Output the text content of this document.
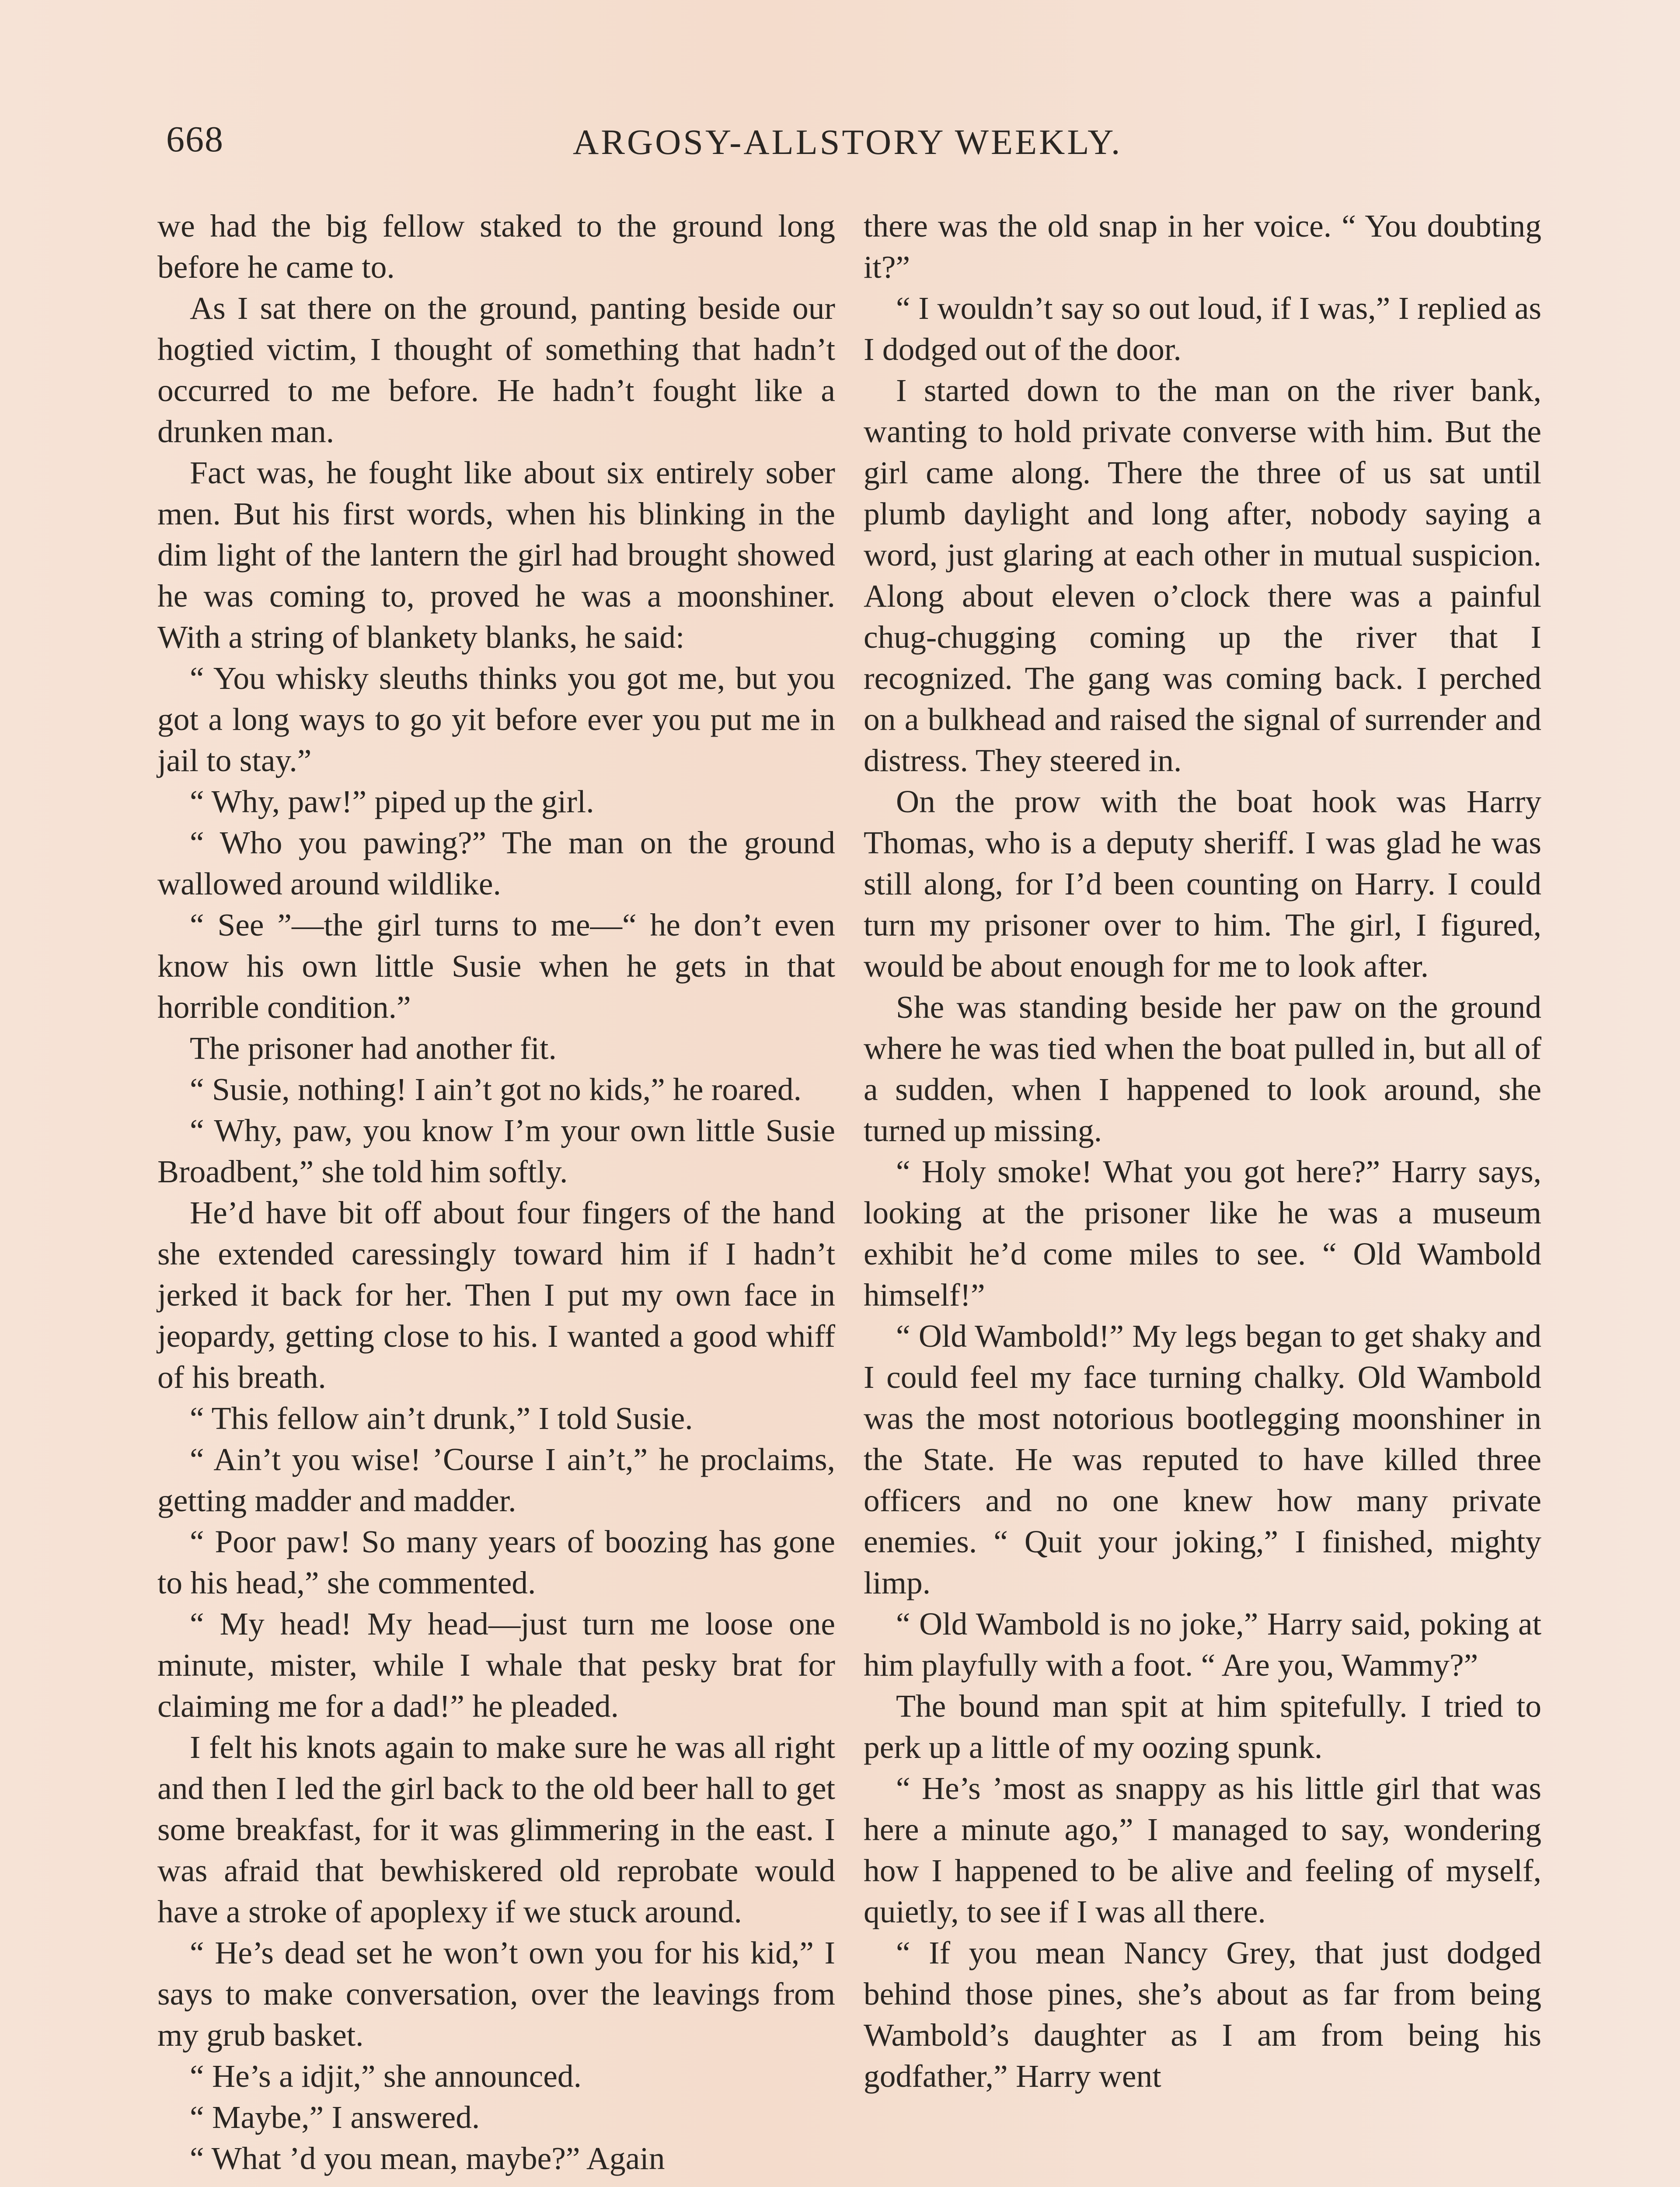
668	ARGOSY-ALLSTORY WEEKLY.

we had the big fellow staked to the ground long before he came to.

As I sat there on the ground, panting beside our hogtied victim, I thought of something that hadn’t occurred to me before. He hadn’t fought like a drunken man.

Fact was, he fought like about six entirely sober men. But his first words, when his blinking in the dim light of the lantern the girl had brought showed he was coming to, proved he was a moonshiner. With a string of blankety blanks, he said:

“ You whisky sleuths thinks you got me, but you got a long ways to go yit before ever you put me in jail to stay.”

“ Why, paw!” piped up the girl.

“ Who you pawing?” The man on the ground wallowed around wildlike.

“ See ”—the girl turns to me—“ he don’t even know his own little Susie when he gets in that horrible condition.”

The prisoner had another fit.

“ Susie, nothing! I ain’t got no kids,” he roared.

“ Why, paw, you know I’m your own little Susie Broadbent,” she told him softly.

He’d have bit off about four fingers of the hand she extended caressingly toward him if I hadn’t jerked it back for her. Then I put my own face in jeopardy, getting close to his. I wanted a good whiff of his breath.

“ This fellow ain’t drunk,” I told Susie.

“ Ain’t you wise! ’Course I ain’t,” he proclaims, getting madder and madder.

“ Poor paw! So many years of boozing has gone to his head,” she commented.

“ My head! My head—just turn me loose one minute, mister, while I whale that pesky brat for claiming me for a dad!” he pleaded.

I felt his knots again to make sure he was all right and then I led the girl back to the old beer hall to get some breakfast, for it was glimmering in the east. I was afraid that bewhiskered old reprobate would have a stroke of apoplexy if we stuck around.

“ He’s dead set he won’t own you for his kid,” I says to make conversation, over the leavings from my grub basket.

“ He’s a idjit,” she announced.

“ Maybe,” I answered.

“ What ’d you mean, maybe?” Again

there was the old snap in her voice. “ You doubting it?”

“ I wouldn’t say so out loud, if I was,” I replied as I dodged out of the door.

I started down to the man on the river bank, wanting to hold private converse with him. But the girl came along. There the three of us sat until plumb daylight and long after, nobody saying a word, just glaring at each other in mutual suspicion. Along about eleven o’clock there was a painful chug-chugging coming up the river that I recognized. The gang was coming back. I perched on a bulkhead and raised the signal of surrender and distress. They steered in.

On the prow with the boat hook was Harry Thomas, who is a deputy sheriff. I was glad he was still along, for I’d been counting on Harry. I could turn my prisoner over to him. The girl, I figured, would be about enough for me to look after.

She was standing beside her paw on the ground where he was tied when the boat pulled in, but all of a sudden, when I happened to look around, she turned up missing.

“ Holy smoke! What you got here?” Harry says, looking at the prisoner like he was a museum exhibit he’d come miles to see. “ Old Wambold himself!”

“ Old Wambold!” My legs began to get shaky and I could feel my face turning chalky. Old Wambold was the most notorious bootlegging moonshiner in the State. He was reputed to have killed three officers and no one knew how many private enemies. “ Quit your joking,” I finished, mighty limp.

“ Old Wambold is no joke,” Harry said, poking at him playfully with a foot. “ Are you, Wammy?”

The bound man spit at him spitefully. I tried to perk up a little of my oozing spunk.

“ He’s ’most as snappy as his little girl that was here a minute ago,” I managed to say, wondering how I happened to be alive and feeling of myself, quietly, to see if I was all there.

“ If you mean Nancy Grey, that just dodged behind those pines, she’s about as far from being Wambold’s daughter as I am from being his godfather,” Harry went
